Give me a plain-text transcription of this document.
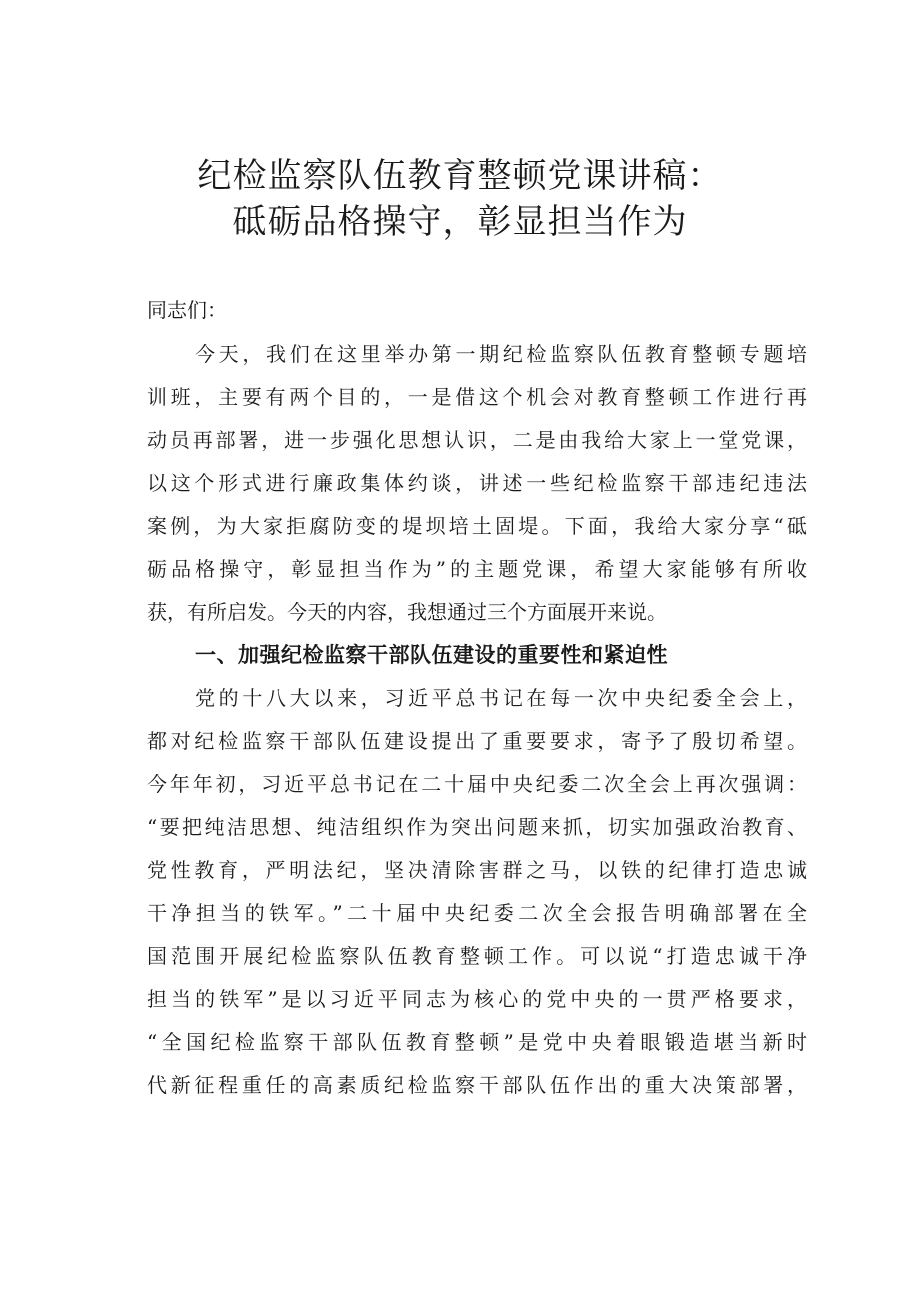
纪检监察队伍教育整顿党课讲稿：
砥砺品格操守，彰显担当作为

同志们：

今天，我们在这里举办第一期纪检监察队伍教育整顿专题培

训班，主要有两个目的，一是借这个机会对教育整顿工作进行再

动员再部署，进一步强化思想认识，二是由我给大家上一堂党课，

以这个形式进行廉政集体约谈，讲述一些纪检监察干部违纪违法

案例，为大家拒腐防变的堤坝培土固堤。下面，我给大家分享“砥

砺品格操守，彰显担当作为”的主题党课，希望大家能够有所收

获，有所启发。今天的内容，我想通过三个方面展开来说。

一、加强纪检监察干部队伍建设的重要性和紧迫性

党的十八大以来，习近平总书记在每一次中央纪委全会上，

都对纪检监察干部队伍建设提出了重要要求，寄予了殷切希望。

今年年初，习近平总书记在二十届中央纪委二次全会上再次强调：

“要把纯洁思想、纯洁组织作为突出问题来抓，切实加强政治教育、

党性教育，严明法纪，坚决清除害群之马，以铁的纪律打造忠诚

干净担当的铁军。”二十届中央纪委二次全会报告明确部署在全

国范围开展纪检监察队伍教育整顿工作。可以说“打造忠诚干净

担当的铁军”是以习近平同志为核心的党中央的一贯严格要求，

“全国纪检监察干部队伍教育整顿”是党中央着眼锻造堪当新时

代新征程重任的高素质纪检监察干部队伍作出的重大决策部署，
